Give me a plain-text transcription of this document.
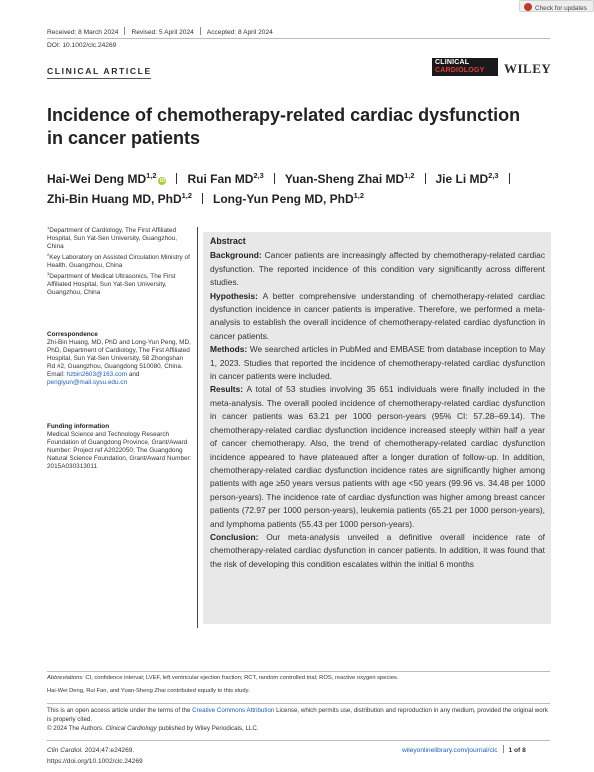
Check for updates
Received: 8 March 2024 Revised: 5 April 2024 Accepted: 8 April 2024
DOI: 10.1002/clc.24269
CLINICAL ARTICLE
CLINICAL
CARDIOLOGY	WILEY
Incidence of chemotherapy-related cardiac dysfunction
in cancer patients
Hai-Wei Deng MD$^{1,2}$iD Rui Fan MD$^{2,3}$ Yuan-Sheng Zhai MD$^{1,2}$ Jie Li MD$^{2,3}$
Zhi-Bin Huang MD, PhD$^{1,2}$ Long-Yun Peng MD, PhD$^{1,2}$

$^1$Department of Cardiology, The First Affiliated Hospital, Sun Yat-Sen University, Guangzhou, China

$^2$Key Laboratory on Assisted Circulation Ministry of Health, Guangzhou, China

$^3$Department of Medical Ultrasonics, The First Affiliated Hospital, Sun Yat-Sen University, Guangzhou, China

Correspondence

Zhi-Bin Huang, MD, PhD and Long-Yun Peng, MD, PhD, Department of Cardiology, The First Affiliated Hospital, Sun Yat-Sen University, 58 Zhongshan Rd #2, Guangzhou, Guangdong 510080, China.

Email: hzbin2603@163.com and
pengiyun@mail.sysu.edu.cn

Funding information

Medical Science and Technology Research Foundation of Guangdong Province, Grant/Award Number: Project ref A2022050; The Guangdong Natural Science Foundation, Grant/Award Number: 2015A030313011

Abstract

Background: Cancer patients are increasingly affected by chemotherapy-related cardiac dysfunction. The reported incidence of this condition vary significantly across different studies.

Hypothesis: A better comprehensive understanding of chemotherapy-related cardiac dysfunction incidence in cancer patients is imperative. Therefore, we performed a meta-analysis to establish the overall incidence of chemotherapy-related cardiac dysfunction in cancer patients.

Methods: We searched articles in PubMed and EMBASE from database inception to May 1, 2023. Studies that reported the incidence of chemotherapy-related cardiac dysfunction in cancer patients were included.

Results: A total of 53 studies involving 35 651 individuals were finally included in the meta-analysis. The overall pooled incidence of chemotherapy-related cardiac dysfunction in cancer patients was 63.21 per 1000 person-years (95% CI: 57.28–69.14). The chemotherapy-related cardiac dysfunction incidence increased steeply within half a year of cancer chemotherapy. Also, the trend of chemotherapy-related cardiac dysfunction incidence appeared to have plateaued after a longer duration of follow-up. In addition, chemotherapy-related cardiac dysfunction incidence rates are significantly higher among patients with age ≥50 years versus patients with age <50 years (99.96 vs. 34.48 per 1000 person-years). The incidence rate of cardiac dysfunction was higher among breast cancer patients (72.97 per 1000 person-years), leukemia patients (65.21 per 1000 person-years), and lymphoma patients (55.43 per 1000 person-years).

Conclusion: Our meta-analysis unveiled a definitive overall incidence rate of chemotherapy-related cardiac dysfunction in cancer patients. In addition, it was found that the risk of developing this condition escalates within the initial 6 months

Abbreviations: CI, confidence interval; LVEF, left ventricular ejection fraction; RCT, random controlled trial; ROS, reactive oxygen species.
Hai-Wei Deng, Rui Fan, and Yuan-Sheng Zhai contributed equally to this study.
This is an open access article under the terms of the Creative Commons Attribution License, which permits use, distribution and reproduction in any medium, provided the original work is properly cited.
© 2024 The Authors. Clinical Cardiology published by Wiley Periodicals, LLC.
Clin Cardiol. 2024;47:e24269.
https://doi.org/10.1002/clc.24269
wileyonlinelibrary.com/journal/clc 1 of 8
